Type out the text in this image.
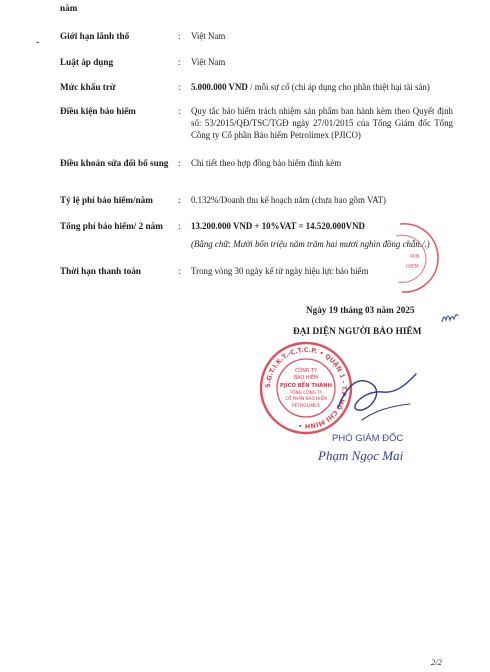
năm
-
Giới hạn lãnh thổ	: Việt Nam
Luật áp dụng	: Việt Nam
Mức khấu trừ	: 5.000.000 VND / mỗi sự cố (chỉ áp dụng cho phần thiệt hại tài sản)
Điều kiện bảo hiểm	: Quy tắc bảo hiểm trách nhiệm sản phẩm ban hành kèm theo Quyết định số: 53/2015/QĐ/TSC/TGĐ ngày 27/01/2015 của Tổng Giám đốc Tổng Công ty Cổ phần Bảo hiểm Petrolimex (PJICO)
Điều khoản sửa đổi bổ sung	: Chi tiết theo hợp đồng bảo hiểm đính kèm
Tỷ lệ phí bảo hiểm/năm	: 0.132%/Doanh thu kế hoạch năm (chưa bao gồm VAT)
Tổng phí bảo hiểm/ 2 năm	: 13.200.000 VND + 10%VAT = 14.520.000VND
(Bằng chữ: Mười bốn triệu năm trăm hai mươi nghìn đồng chẵn./.)
Thời hạn thanh toán	: Trong vòng 30 ngày kể từ ngày hiệu lực bảo hiểm
MIN
HIEM
Ngày 19 tháng 03 năm 2025
ĐẠI DIỆN NGƯỜI BẢO HIỂM
S.G.T.I.K.T.-C.T.C.P. • QUẬN 1 - T.P HỒ CHÍ MINH •
CÔNG TY
BẢO HIỂM
PJICO BẾN THÀNH
TỔNG CÔNG TY
CỔ PHẦN BẢO HIỂM
PETROLIMEX
PHÓ GIÁM ĐỐC
Phạm Ngọc Mai
2/2
